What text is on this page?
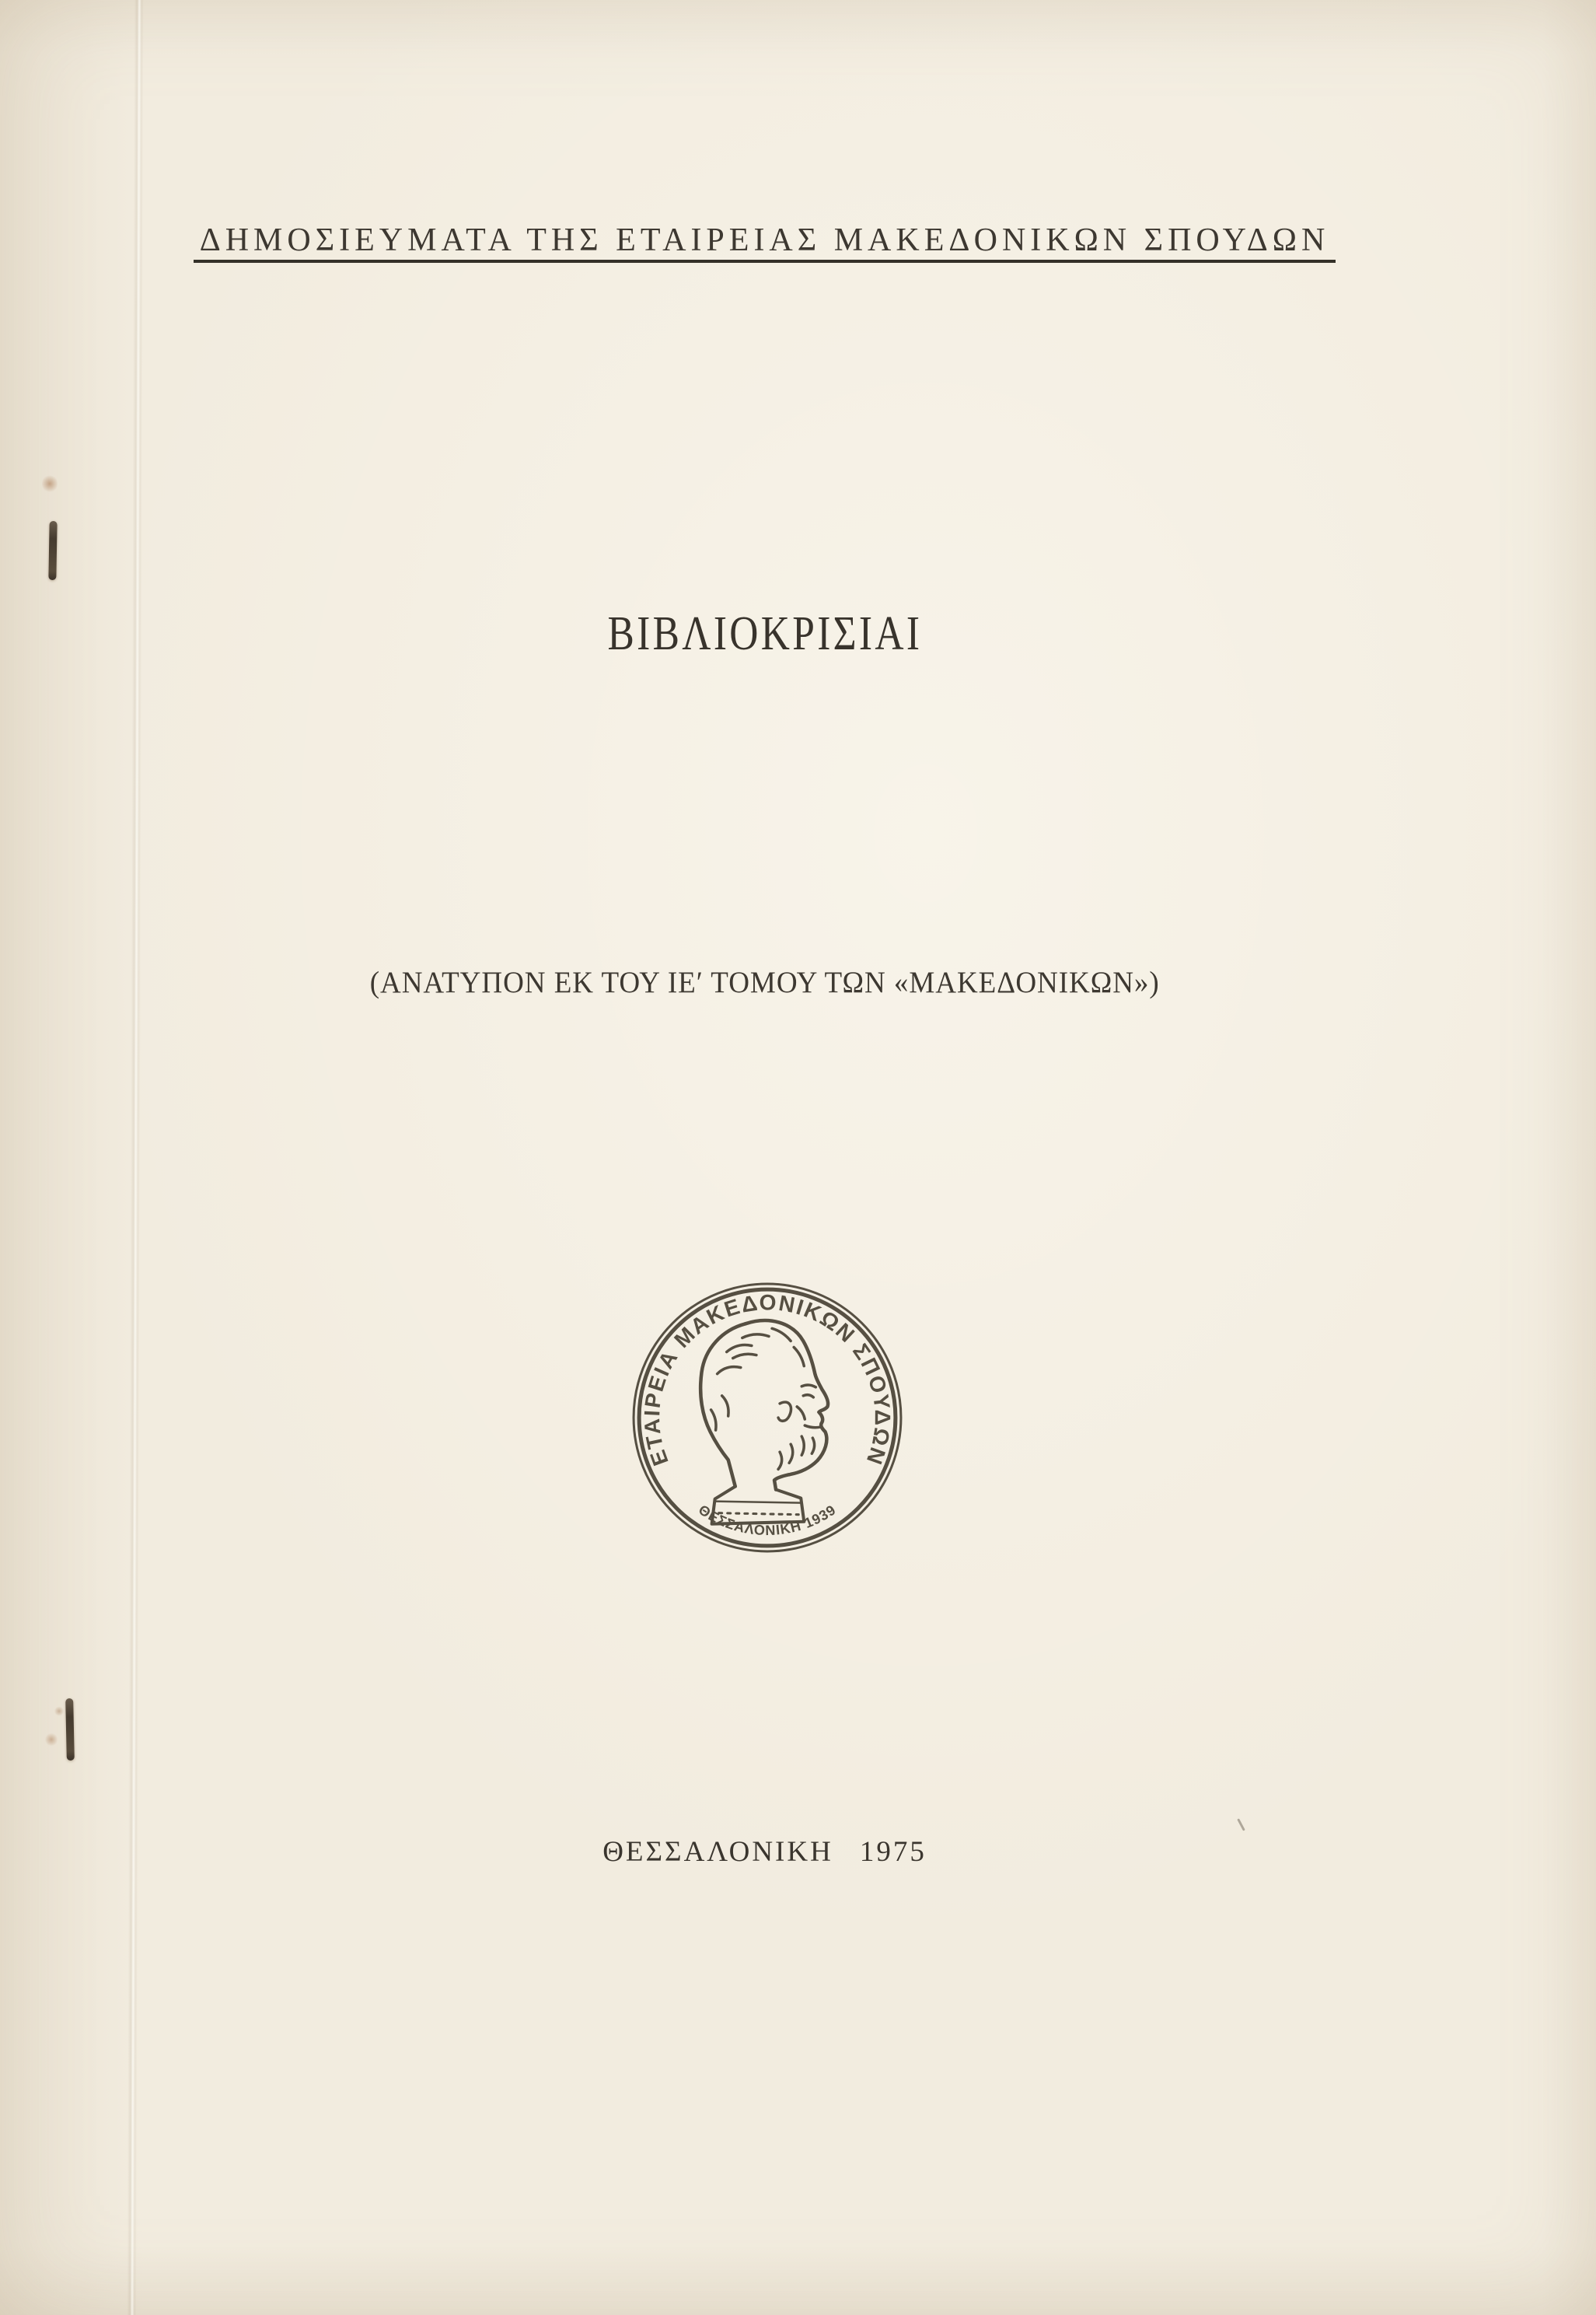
ΔΗΜΟΣΙΕΥΜΑΤΑ ΤΗΣ ΕΤΑΙΡΕΙΑΣ ΜΑΚΕΔΟΝΙΚΩΝ ΣΠΟΥΔΩΝ
ΒΙΒΛΙΟΚΡΙΣΙΑΙ
(ΑΝΑΤΥΠΟΝ ΕΚ ΤΟΥ ΙΕ′ ΤΟΜΟΥ ΤΩΝ «ΜΑΚΕΔΟΝΙΚΩΝ»)
ΕΤΑΙΡΕΙΑ ΜΑΚΕΔΟΝΙΚΩΝ ΣΠΟΥΔΩΝ
ΘΕΣΣΑΛΟΝΙΚΗ 1939
ΘΕΣΣΑΛΟΝΙΚΗ 1975
